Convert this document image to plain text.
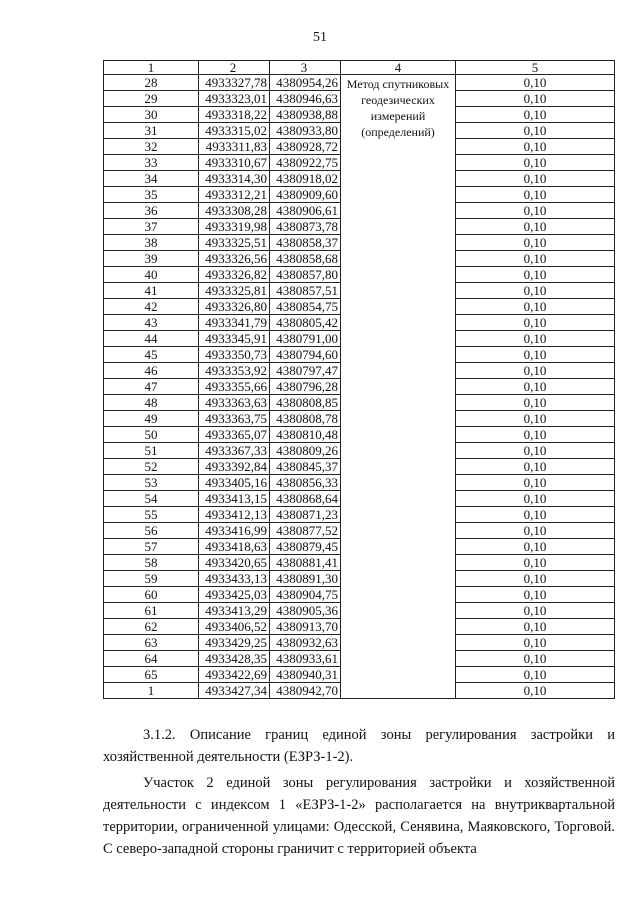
51
1	2	3	4	5
28	4933327,78	4380954,26	Метод спутниковых геодезических измерений (определений)	0,10
29	4933323,01	4380946,63		0,10
30	4933318,22	4380938,88		0,10
31	4933315,02	4380933,80		0,10
32	4933311,83	4380928,72		0,10
33	4933310,67	4380922,75		0,10
34	4933314,30	4380918,02		0,10
35	4933312,21	4380909,60		0,10
36	4933308,28	4380906,61		0,10
37	4933319,98	4380873,78		0,10
38	4933325,51	4380858,37		0,10
39	4933326,56	4380858,68		0,10
40	4933326,82	4380857,80		0,10
41	4933325,81	4380857,51		0,10
42	4933326,80	4380854,75		0,10
43	4933341,79	4380805,42		0,10
44	4933345,91	4380791,00		0,10
45	4933350,73	4380794,60		0,10
46	4933353,92	4380797,47		0,10
47	4933355,66	4380796,28		0,10
48	4933363,63	4380808,85		0,10
49	4933363,75	4380808,78		0,10
50	4933365,07	4380810,48		0,10
51	4933367,33	4380809,26		0,10
52	4933392,84	4380845,37		0,10
53	4933405,16	4380856,33		0,10
54	4933413,15	4380868,64		0,10
55	4933412,13	4380871,23		0,10
56	4933416,99	4380877,52		0,10
57	4933418,63	4380879,45		0,10
58	4933420,65	4380881,41		0,10
59	4933433,13	4380891,30		0,10
60	4933425,03	4380904,75		0,10
61	4933413,29	4380905,36		0,10
62	4933406,52	4380913,70		0,10
63	4933429,25	4380932,63		0,10
64	4933428,35	4380933,61		0,10
65	4933422,69	4380940,31		0,10
1	4933427,34	4380942,70		0,10

3.1.2. Описание границ единой зоны регулирования застройки и хозяйственной деятельности (ЕЗРЗ-1-2).

Участок 2 единой зоны регулирования застройки и хозяйственной деятельности с индексом 1 «ЕЗРЗ-1-2» располагается на внутриквартальной территории, ограниченной улицами: Одесской, Сенявина, Маяковского, Торговой. С северо-западной стороны граничит с территорией объекта
